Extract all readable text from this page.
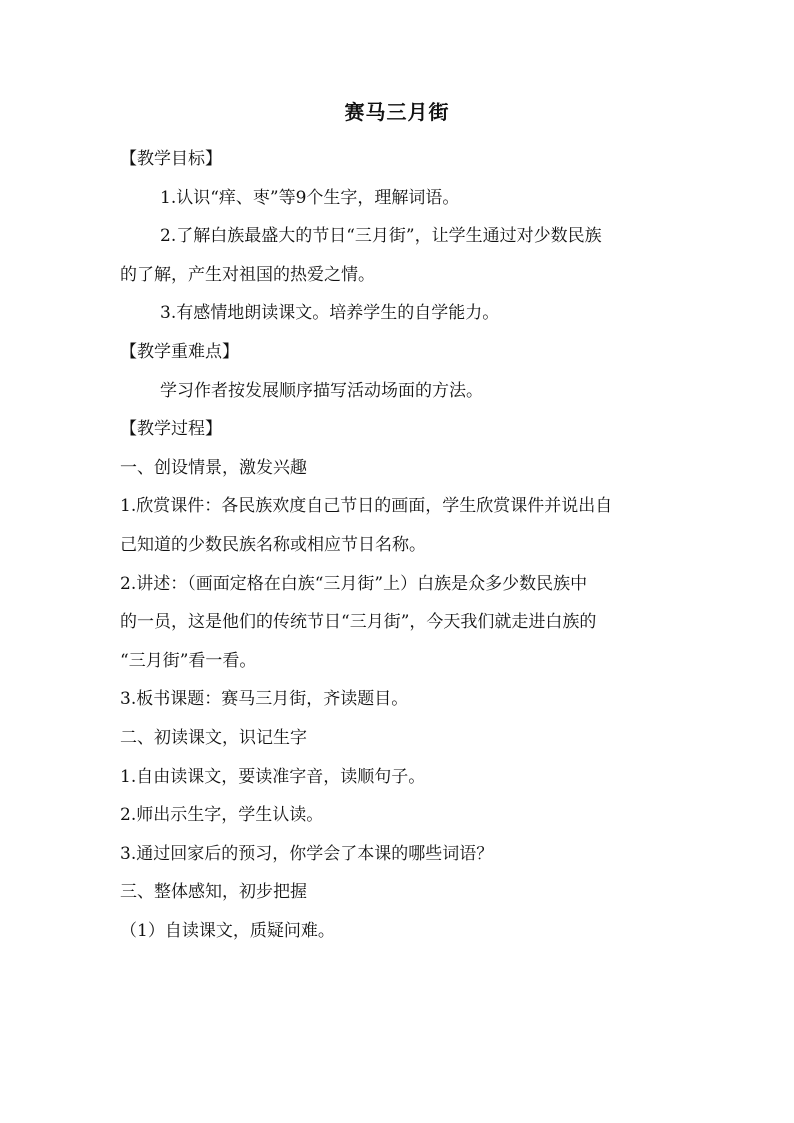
赛马三月街
【教学目标】
1.认识“痒、枣”等9个生字，理解词语。
2.了解白族最盛大的节日“三月街”，让学生通过对少数民族
的了解，产生对祖国的热爱之情。
3.有感情地朗读课文。培养学生的自学能力。
【教学重难点】
学习作者按发展顺序描写活动场面的方法。
【教学过程】
一、创设情景，激发兴趣
1.欣赏课件：各民族欢度自己节日的画面，学生欣赏课件并说出自
己知道的少数民族名称或相应节日名称。
2.讲述：（画面定格在白族“三月街”上）白族是众多少数民族中
的一员，这是他们的传统节日“三月街”，今天我们就走进白族的
“三月街”看一看。
3.板书课题：赛马三月街，齐读题目。
二、初读课文，识记生字
1.自由读课文，要读准字音，读顺句子。
2.师出示生字，学生认读。
3.通过回家后的预习，你学会了本课的哪些词语？
三、整体感知，初步把握
（1）自读课文，质疑问难。
